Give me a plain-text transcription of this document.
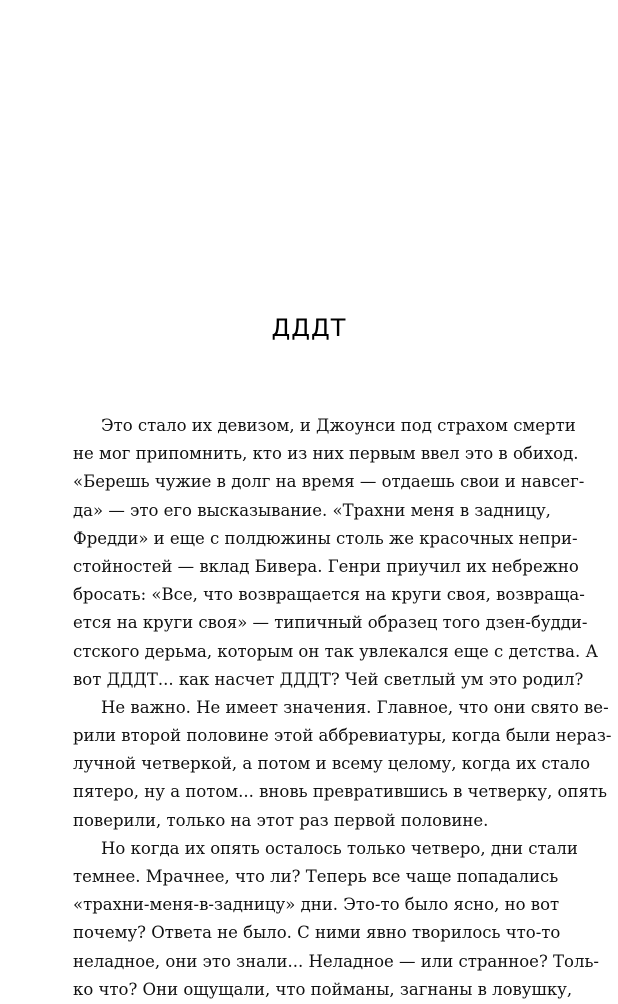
ДДДТ
Это стало их девизом, и Джоунси под страхом смерти
не мог припомнить, кто из них первым ввел это в обиход.
«Берешь чужие в долг на время — отдаешь свои и навсег-
да» — это его высказывание. «Трахни меня в задницу,
Фредди» и еще с полдюжины столь же красочных непри-
стойностей — вклад Бивера. Генри приучил их небрежно
бросать: «Все, что возвращается на круги своя, возвраща-
ется на круги своя» — типичный образец того дзен-будди-
стского дерьма, которым он так увлекался еще с детства. А
вот ДДДТ... как насчет ДДДТ? Чей светлый ум это родил?
Не важно. Не имеет значения. Главное, что они свято ве-
рили второй половине этой аббревиатуры, когда были нераз-
лучной четверкой, а потом и всему целому, когда их стало
пятеро, ну а потом... вновь превратившись в четверку, опять
поверили, только на этот раз первой половине.
Но когда их опять осталось только четверо, дни стали
темнее. Мрачнее, что ли? Теперь все чаще попадались
«трахни-меня-в-задницу» дни. Это-то было ясно, но вот
почему? Ответа не было. С ними явно творилось что-то
неладное, они это знали... Неладное — или странное? Толь-
ко что? Они ощущали, что пойманы, загнаны в ловушку,
